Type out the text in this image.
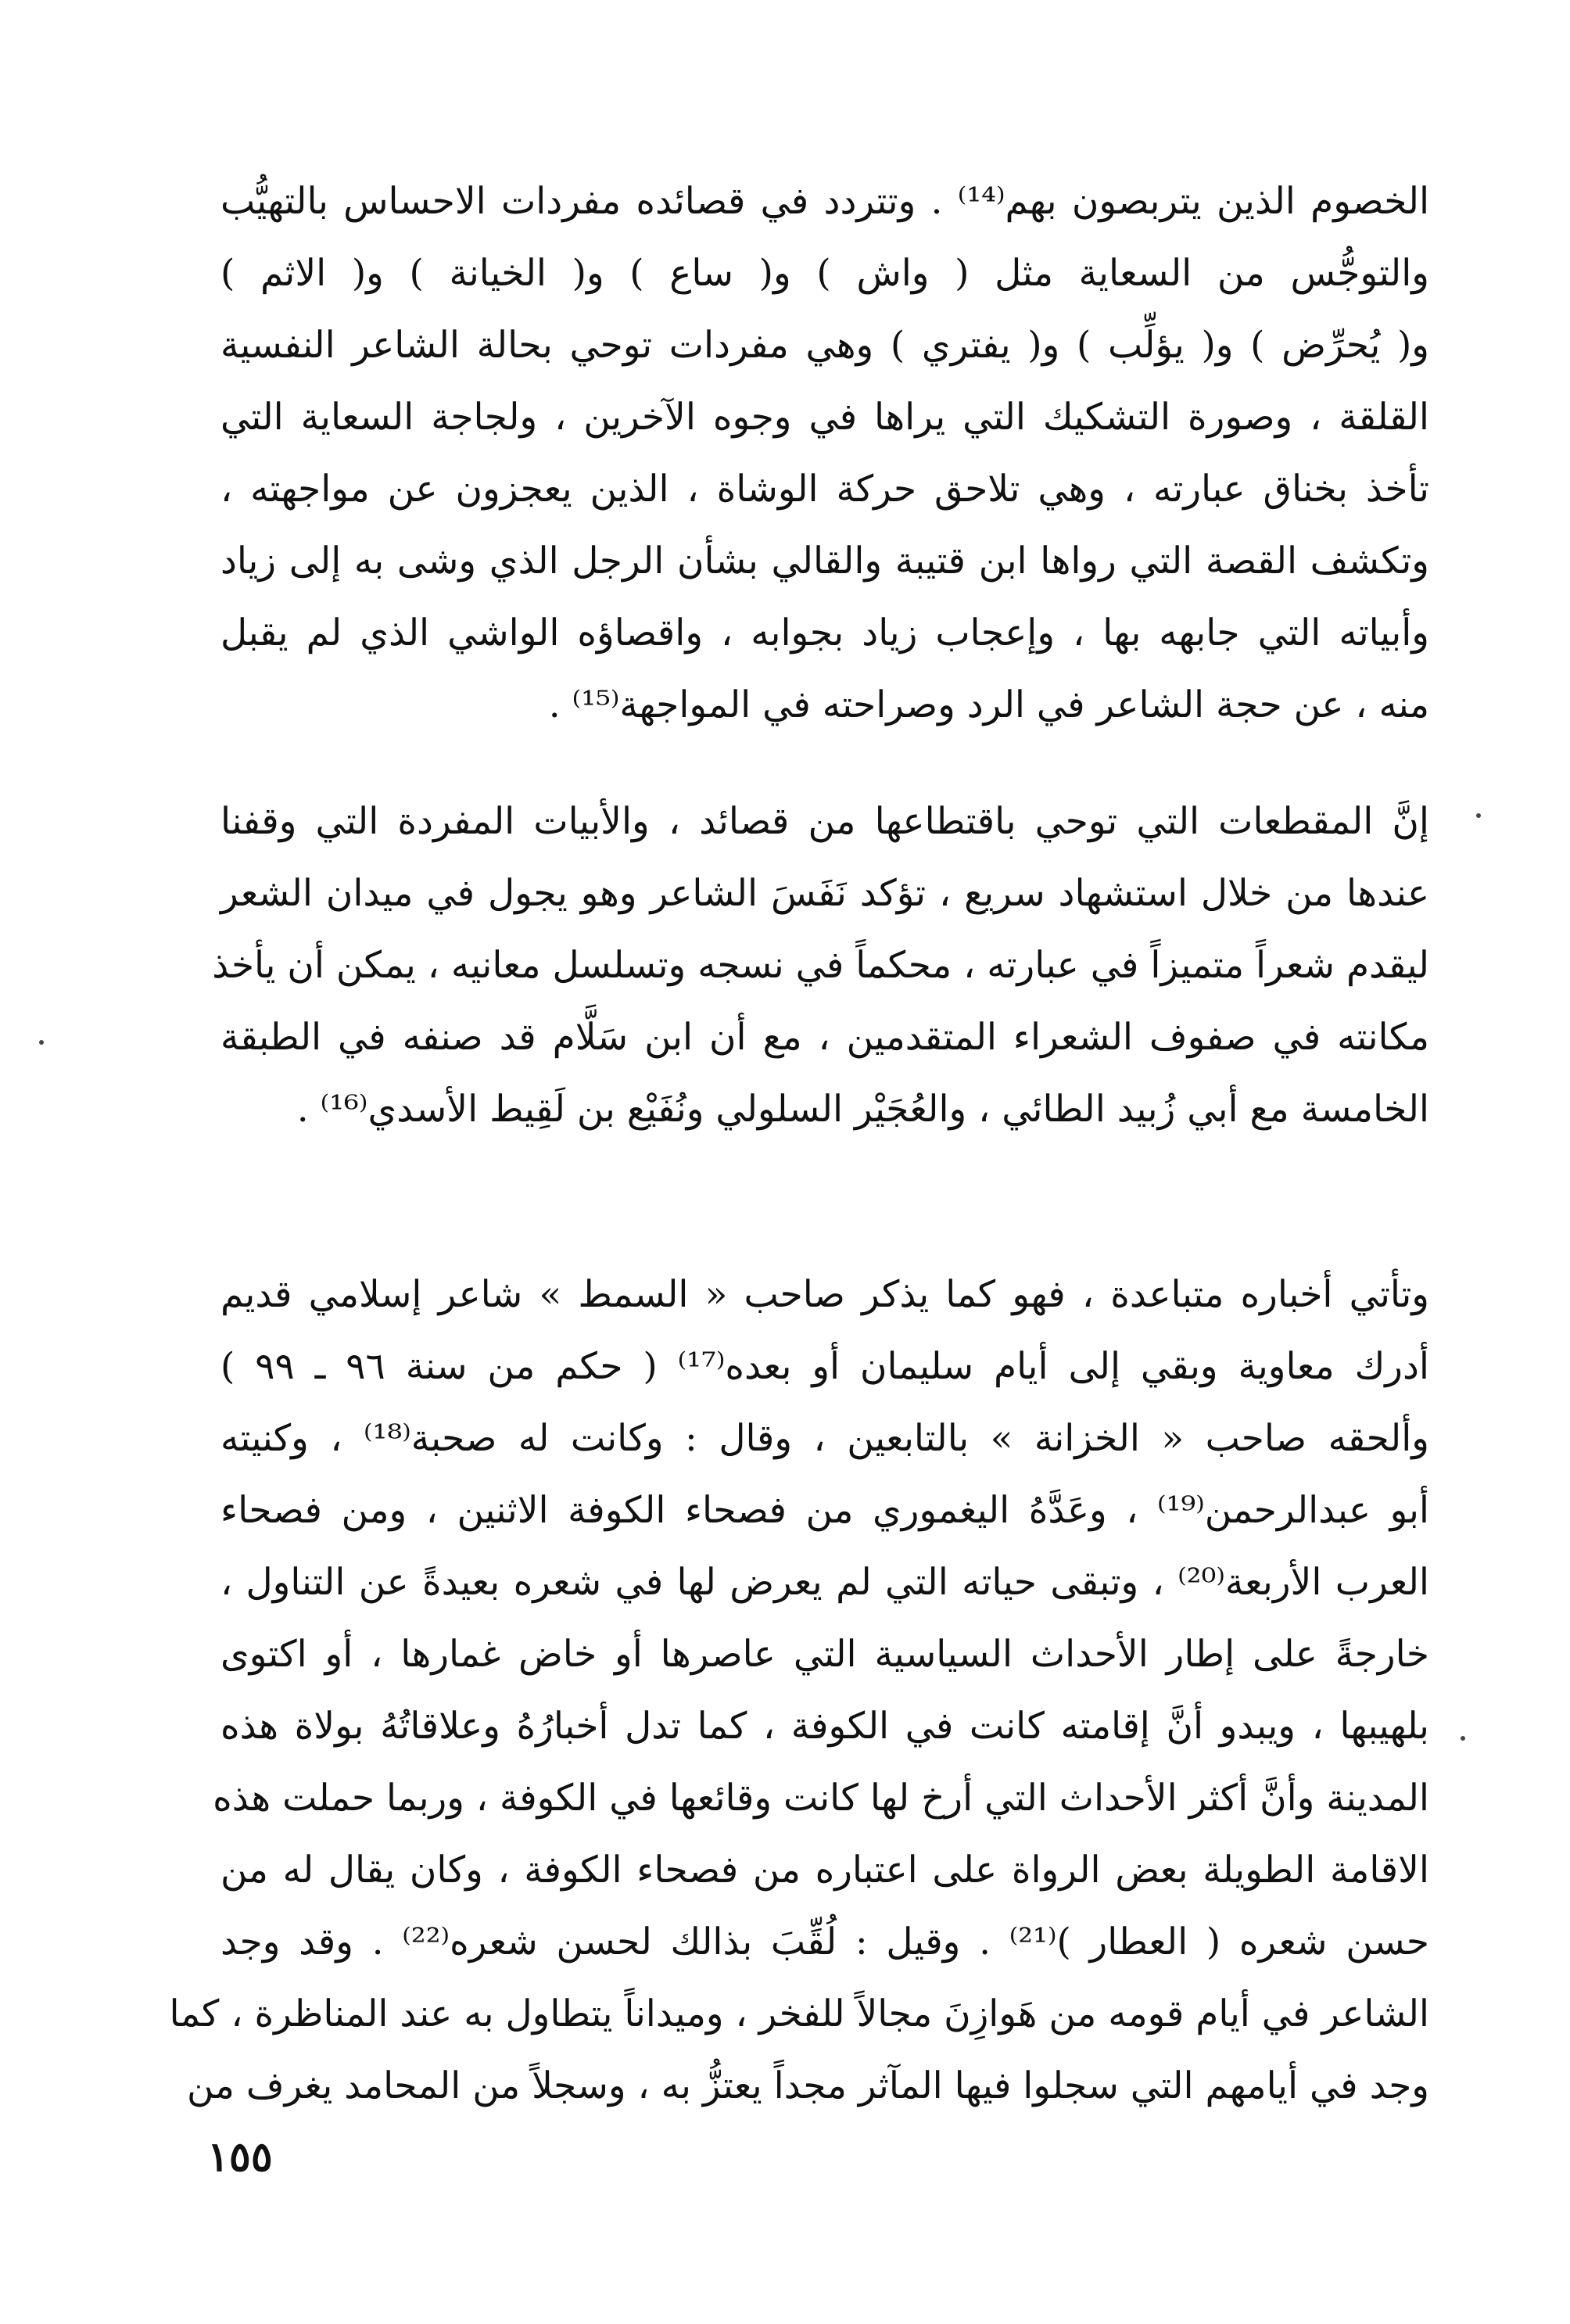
الخصوم الذين يتربصون بهم⁽¹⁴⁾ . وتتردد في قصائده مفردات الاحساس بالتهيُّب
والتوجُّس من السعاية مثل ( واش ) و( ساع ) و( الخيانة ) و( الاثم )
و( يُحرِّض ) و( يؤلِّب ) و( يفتري ) وهي مفردات توحي بحالة الشاعر النفسية
القلقة ، وصورة التشكيك التي يراها في وجوه الآخرين ، ولجاجة السعاية التي
تأخذ بخناق عبارته ، وهي تلاحق حركة الوشاة ، الذين يعجزون عن مواجهته ،
وتكشف القصة التي رواها ابن قتيبة والقالي بشأن الرجل الذي وشى به إلى زياد
وأبياته التي جابهه بها ، وإعجاب زياد بجوابه ، واقصاؤه الواشي الذي لم يقبل
منه ، عن حجة الشاعر في الرد وصراحته في المواجهة⁽¹⁵⁾ .
إنَّ المقطعات التي توحي باقتطاعها من قصائد ، والأبيات المفردة التي وقفنا
عندها من خلال استشهاد سريع ، تؤكد نَفَسَ الشاعر وهو يجول في ميدان الشعر
ليقدم شعراً متميزاً في عبارته ، محكماً في نسجه وتسلسل معانيه ، يمكن أن يأخذ
مكانته في صفوف الشعراء المتقدمين ، مع أن ابن سَلَّام قد صنفه في الطبقة
الخامسة مع أبي زُبيد الطائي ، والعُجَيْر السلولي ونُفَيْع بن لَقِيط الأسدي⁽¹⁶⁾ .
وتأتي أخباره متباعدة ، فهو كما يذكر صاحب « السمط » شاعر إسلامي قديم
أدرك معاوية وبقي إلى أيام سليمان أو بعده⁽¹⁷⁾ ( حكم من سنة ٩٦ ـ ٩٩ )
وألحقه صاحب « الخزانة » بالتابعين ، وقال : وكانت له صحبة⁽¹⁸⁾ ، وكنيته
أبو عبدالرحمن⁽¹⁹⁾ ، وعَدَّهُ اليغموري من فصحاء الكوفة الاثنين ، ومن فصحاء
العرب الأربعة⁽²⁰⁾ ، وتبقى حياته التي لم يعرض لها في شعره بعيدةً عن التناول ،
خارجةً على إطار الأحداث السياسية التي عاصرها أو خاض غمارها ، أو اكتوى
بلهيبها ، ويبدو أنَّ إقامته كانت في الكوفة ، كما تدل أخبارُهُ وعلاقاتُهُ بولاة هذه
المدينة وأنَّ أكثر الأحداث التي أرخ لها كانت وقائعها في الكوفة ، وربما حملت هذه
الاقامة الطويلة بعض الرواة على اعتباره من فصحاء الكوفة ، وكان يقال له من
حسن شعره ( العطار )⁽²¹⁾ . وقيل : لُقِّبَ بذالك لحسن شعره⁽²²⁾ . وقد وجد
الشاعر في أيام قومه من هَوازِنَ مجالاً للفخر ، وميداناً يتطاول به عند المناظرة ، كما
وجد في أيامهم التي سجلوا فيها المآثر مجداً يعتزُّ به ، وسجلاً من المحامد يغرف من
١٥٥
